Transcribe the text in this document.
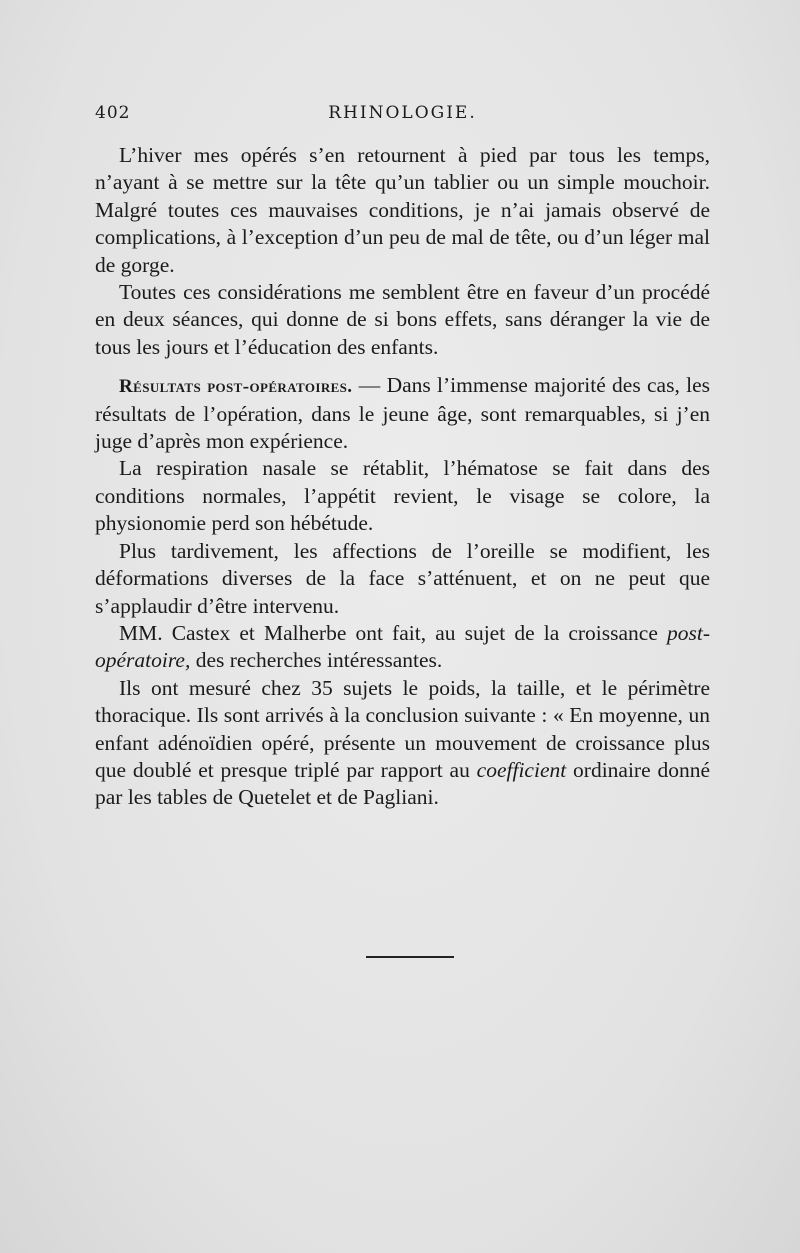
402	RHINOLOGIE.

L’hiver mes opérés s’en retournent à pied par tous les temps, n’ayant à se mettre sur la tête qu’un tablier ou un simple mouchoir. Malgré toutes ces mauvaises conditions, je n’ai jamais observé de complications, à l’exception d’un peu de mal de tête, ou d’un léger mal de gorge.

Toutes ces considérations me semblent être en faveur d’un procédé en deux séances, qui donne de si bons effets, sans déranger la vie de tous les jours et l’éducation des enfants.

Résultats post-opératoires. — Dans l’immense majorité des cas, les résultats de l’opération, dans le jeune âge, sont remarquables, si j’en juge d’après mon expérience.

La respiration nasale se rétablit, l’hématose se fait dans des conditions normales, l’appétit revient, le visage se colore, la physionomie perd son hébétude.

Plus tardivement, les affections de l’oreille se modifient, les déformations diverses de la face s’atténuent, et on ne peut que s’applaudir d’être intervenu.

MM. Castex et Malherbe ont fait, au sujet de la croissance post-opératoire, des recherches intéressantes.

Ils ont mesuré chez 35 sujets le poids, la taille, et le périmètre thoracique. Ils sont arrivés à la conclusion suivante : « En moyenne, un enfant adénoïdien opéré, présente un mouvement de croissance plus que doublé et presque triplé par rapport au coefficient ordinaire donné par les tables de Quetelet et de Pagliani.
